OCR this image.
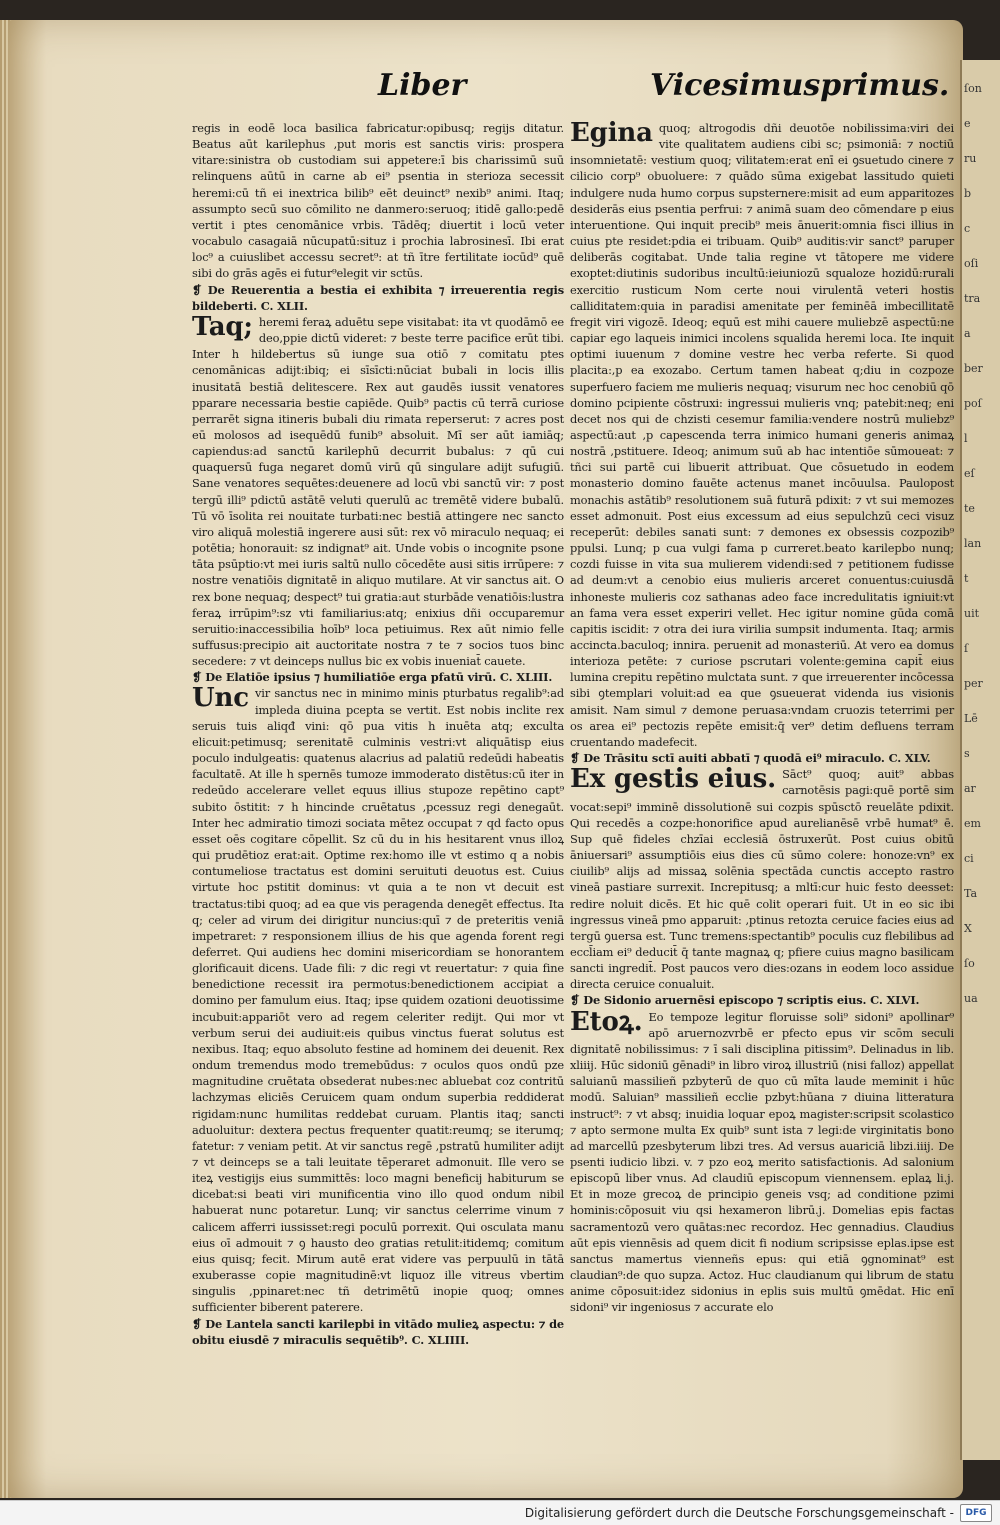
ſon
e
ru
b
c
oſi
tra
a
ber
poſ
l
eſ
te
lan
t
uit
ſ
per
Lē
s
ar
em
ci
Ta
X
ſo
ua
Liber	Vicesimusprimus.

regis in eodē loca basilica fabricatur:opibusq; regijs ditatur. Beatus aūt karilephus ,put moris est sanctis viris: prospera vitare:sinistra ob custodiam sui appetere:ī bis charissimū suū relinquens aūtū in carne ab ei⁹ psentia in sterioza secessit heremi:cū tñ ei inextrica bilib⁹ eēt deuinct⁹ nexib⁹ animi. Itaq; assumpto secū suo cōmilito ne danmero:seruoq; itidē gallo:pedē vertit i ptes cenomānice vrbis. Tādēq; diuertit i locū veter vocabulo casagaiā nūcupatū:situz i prochia labrosinesī. Ibi erat loc⁹ a cuiuslibet accessu secret⁹: at tñ ītre fertilitate iocūd⁹ quē sibi do grās agēs ei futur⁹elegit vir sctūs.

❡ De Reuerentia a bestia ei exhibita ⁊ irreuerentia regis bildeberti. C. XLII.

Taq; heremi feraꝝ aduētu sepe visitabat: ita vt quodāmō ee deo,ppie dictū videret: ⁊ beste terre pacifice erūt tibi. Inter h hildebertus sū iunge sua otiō ⁊ comitatu ptes cenomānicas adijt:ibiq; ei sīsīcti:nūciat bubali in locis illis inusitatā bestiā delitescere. Rex aut gaudēs iussit venatores pparare necessaria bestie capiēde. Quib⁹ pactis cū terrā curiose perrarēt signa itineris bubali diu rimata reperserut: ⁊ acres post eū molosos ad isequēdū funib⁹ absoluit. Mī ser aūt iamiāq; capiendus:ad sanctū karilephū decurrit bubalus: ⁊ qū cui quaquersū fuga negaret domū virū qū singulare adijt sufugiū. Sane venatores sequētes:deuenere ad locū vbi sanctū vir: ⁊ post tergū illi⁹ pdictū astātē veluti querulū ac tremētē videre bubalū. Tū vō īsolita rei nouitate turbati:nec bestiā attingere nec sancto viro aliquā molestiā ingerere ausi sūt: rex vō miraculo nequaq; ei potētia; honorauit: sz indignat⁹ ait. Unde vobis o incognite psone tāta psūptio:vt mei iuris saltū nullo cōcedēte ausi sitis irrūpere: ⁊ nostre venatiōis dignitatē in aliquo mutilare. At vir sanctus ait. O rex bone nequaq; despect⁹ tui gratia:aut sturbāde venatiōis:lustra feraꝝ irrūpim⁹:sz vti familiarius:atq; enixius dñi occuparemur seruitio:inaccessibilia hoīb⁹ loca petiuimus. Rex aūt nimio felle suffusus:precipio ait auctoritate nostra ⁊ te ⁊ socios tuos binc secedere: ⁊ vt deinceps nullus bic ex vobis inueniat̄ cauete.

❡ De Elatiōe ipsius ⁊ humiliatiōe erga pfatū virū. C. XLIII.

Unc vir sanctus nec in minimo minis pturbatus regalib⁹:ad impleda diuina pcepta se vertit. Est nobis inclite rex seruis tuis aliqđ vini: qō pua vitis h inuēta atq; exculta elicuit:petimusq; serenitatē culminis vestri:vt aliquātisp eius poculo indulgeatis: quatenus alacrius ad palatiū redeūdi habeatis facultatē. At ille h spernēs tumoze immoderato distētus:cū iter in redeūdo accelerare vellet equus illius stupoze repētino capt⁹ subito ōstitit: ⁊ h hincinde cruētatus ,pcessuz regi denegaūt. Inter hec admiratio timozi sociata mētez occupat ⁊ qd facto opus esset oēs cogitare cōpellit. Sz cū du in his hesitarent vnus illoꝝ qui prudētioz erat:ait. Optime rex:homo ille vt estimo q a nobis contumeliose tractatus est domini seruituti deuotus est. Cuius virtute hoc pstitit dominus: vt quia a te non vt decuit est tractatus:tibi quoq; ad ea que vis peragenda denegēt effectus. Ita q; celer ad virum dei dirigitur nuncius:quī ⁊ de preteritis veniā impetraret: ⁊ responsionem illius de his que agenda forent regi deferret. Qui audiens hec domini misericordiam se honorantem glorificauit dicens. Uade fili: ⁊ dic regi vt reuertatur: ⁊ quia fine benedictione recessit ira permotus:benedictionem accipiat a domino per famulum eius. Itaq; ipse quidem ozationi deuotissime incubuit:appariōt vero ad regem celeriter redijt. Qui mor vt verbum serui dei audiuit:eis quibus vinctus fuerat solutus est nexibus. Itaq; equo absoluto festine ad hominem dei deuenit. Rex ondum tremendus modo tremebūdus: ⁊ oculos quos ondū pze magnitudine cruētata obsederat nubes:nec abluebat coz contritū lachzymas eliciēs Ceruicem quam ondum superbia reddiderat rigidam:nunc humilitas reddebat curuam. Plantis itaq; sancti aduoluitur: dextera pectus frequenter quatit:reumq; se iterumq; fatetur: ⁊ veniam petit. At vir sanctus regē ,pstratū humiliter adijt ⁊ vt deinceps se a tali leuitate tēperaret admonuit. Ille vero se iteꝝ vestigijs eius summittēs: loco magni beneficij habiturum se dicebat:si beati viri munificentia vino illo quod ondum nibil habuerat nunc potaretur. Lunq; vir sanctus celerrime vinum ⁊ calicem afferri iussisset:regi poculū porrexit. Qui osculata manu eius oī admouit ⁊ ꝯ hausto deo gratias retulit:itidemq; comitum eius quisq; fecit. Mirum autē erat videre vas perpuulū in tātā exuberasse copie magnitudinē:vt liquoz ille vitreus vbertim singulis ,ppinaret:nec tñ detrimētū inopie quoq; omnes sufficienter biberent paterere.

❡ De Lantela sancti karilepbi in vitādo mulieꝝ aspectu: ⁊ de obitu eiusdē ⁊ miraculis sequētib⁹. C. XLIIII.

Egina quoq; altrogodis dñi deuotōe nobilissima:viri dei vite qualitatem audiens cibi sc; psimoniā: ⁊ noctiū insomnietatē: vestium quoq; vilitatem:erat enī ei ꝯsuetudo cinere ⁊ cilicio corp⁹ obuoluere: ⁊ quādo sūma exigebat lassitudo quieti indulgere nuda humo corpus supsternere:misit ad eum apparitozes desiderās eius psentia perfrui: ⁊ animā suam deo cōmendare p eius interuentione. Qui inquit precib⁹ meis ānuerit:omnia fisci illius in cuius pte residet:pdia ei tribuam. Quib⁹ auditis:vir sanct⁹ paruper deliberās cogitabat. Unde talia regine vt tātopere me videre exoptet:diutinis sudoribus incultū:ieiuniozū squaloze hozidū:rurali exercitio rusticum Nom certe noui virulentā veteri hostis calliditatem:quia in paradisi amenitate per feminēā imbecillitatē fregit viri vigozē. Ideoq; equū est mihi cauere muliebzē aspectū:ne capiar ego laqueis inimici incolens squalida heremi loca. Ite inquit optimi iuuenum ⁊ domine vestre hec verba referte. Si quod placita:,p ea exozabo. Certum tamen habeat q;diu in cozpoze superfuero faciem me mulieris nequaq; visurum nec hoc cenobiū qō domino pcipiente cōstruxi: ingressui mulieris vnq; patebit:neq; eni decet nos qui de chzisti cesemur familia:vendere nostrū muliebz⁹ aspectū:aut ,p capescenda terra inimico humani generis animaꝝ nostrā ,pstituere. Ideoq; animum suū ab hac intentiōe sūmoueat: ⁊ tñci sui partē cui libuerit attribuat. Que cōsuetudo in eodem monasterio domino fauēte actenus manet incōuulsa. Paulopost monachis astātib⁹ resolutionem suā futurā pdixit: ⁊ vt sui memozes esset admonuit. Post eius excessum ad eius sepulchzū ceci visuz receperūt: debiles sanati sunt: ⁊ demones ex obsessis cozpozib⁹ ppulsi. Lunq; p cua vulgi fama p curreret.beato karilepbo nunq; cozdi fuisse in vita sua mulierem videndi:sed ⁊ petitionem fudisse ad deum:vt a cenobio eius mulieris arceret conuentus:cuiusdā inhoneste mulieris coz sathanas adeo face incredulitatis igniuit:vt an fama vera esset experiri vellet. Hec igitur nomine gūda comā capitis iscidit: ⁊ otra dei iura virilia sumpsit indumenta. Itaq; armis accincta.baculoq; innira. peruenit ad monasteriū. At vero ea domus interioza petēte: ⁊ curiose pscrutari volente:gemina capit̄ eius lumina crepitu repētino mulctata sunt. ⁊ que irreuerenter incōcessa sibi ꝯtemplari voluit:ad ea que ꝯsueuerat videnda ius visionis amisit. Nam simul ⁊ demone peruasa:vndam cruozis teterrimi per os area ei⁹ pectozis repēte emisit:q̄ ver⁹ detim defluens terram cruentando madefecit.

❡ De Trāsitu sctī auiti abbatī ⁊ quodā ei⁹ miraculo. C. XLV.

Ex gestis eius. Sāct⁹ quoq; auit⁹ abbas carnotēsis pagi:quē portē sim vocat:sepi⁹ imminē dissolutionē sui cozpis spūsctō reuelāte pdixit. Qui recedēs a cozpe:honorifice apud aurelianēsē vrbē humat⁹ ē. Sup quē fideles chzīai ecclesiā ōstruxerūt. Post cuius obitū āniuersari⁹ assumptiōis eius dies cū sūmo colere: honoze:vn⁹ ex ciuilib⁹ alijs ad missaꝝ solēnia spectāda cunctis accepto rastro vineā pastiare surrexit. Increpitusq; a mltī:cur huic festo deesset: redire noluit dicēs. Et hic quē colit operari fuit. Ut in eo sic ibi ingressus vineā pmo apparuit: ,ptinus retozta ceruice facies eius ad tergū ꝯuersa est. Tunc tremens:spectantib⁹ poculis cuz flebilibus ad eccl̄iam ei⁹ deducit̄ q̄ tante magnaꝝ q; pfiere cuius magno basilicam sancti ingredit̄. Post paucos vero dies:ozans in eodem loco assidue directa ceruice conualuit.

❡ De Sidonio aruernēsi episcopo ⁊ scriptis eius. C. XLVI.

Etoꝝ. Eo tempoze legitur floruisse soli⁹ sidoni⁹ apollinar⁹ apō aruernozvrbē er pfecto epus vir scōm seculi dignitatē nobilissimus: ⁊ ī sali disciplina pitissim⁹. Delinadus in lib. xliiij. Hūc sidoniū gēnadi⁹ in libro viroꝝ illustriū (nisi falloz) appellat saluianū massilieñ pzbyterū de quo cū mīta laude meminit i hūc modū. Saluian⁹ massilieñ ecclie pzbyt:hūana ⁊ diuina litteratura instruct⁹: ⁊ vt absq; inuidia loquar epoꝝ magister:scripsit scolastico ⁊ apto sermone multa Ex quib⁹ sunt ista ⁊ legi:de virginitatis bono ad marcellū pzesbyterum libzi tres. Ad versus auariciā libzi.iiij. De psenti iudicio libzi. v. ⁊ pzo eoꝝ merito satisfactionis. Ad salonium episcopū liber vnus. Ad claudiū episcopum viennensem. eplaꝝ li.j. Et in moze grecoꝝ de principio geneis vsq; ad conditione pzimi hominis:cōposuit viu qsi hexameron librū.j. Domelias epis factas sacramentozū vero quātas:nec recordoz. Hec gennadius. Claudius aūt epis viennēsis ad quem dicit fi nodium scripsisse eplas.ipse est sanctus mamertus vienneñs epus: qui etiā ꝯgnominat⁹ est claudian⁹:de quo supza. Actoz. Huc claudianum qui librum de statu anime cōposuit:idez sidonius in eplis suis multū ꝯmēdat. Hic enī sidoni⁹ vir ingeniosus ⁊ accurate elo

Digitalisierung gefördert durch die Deutsche Forschungsgemeinschaft -	DFG
